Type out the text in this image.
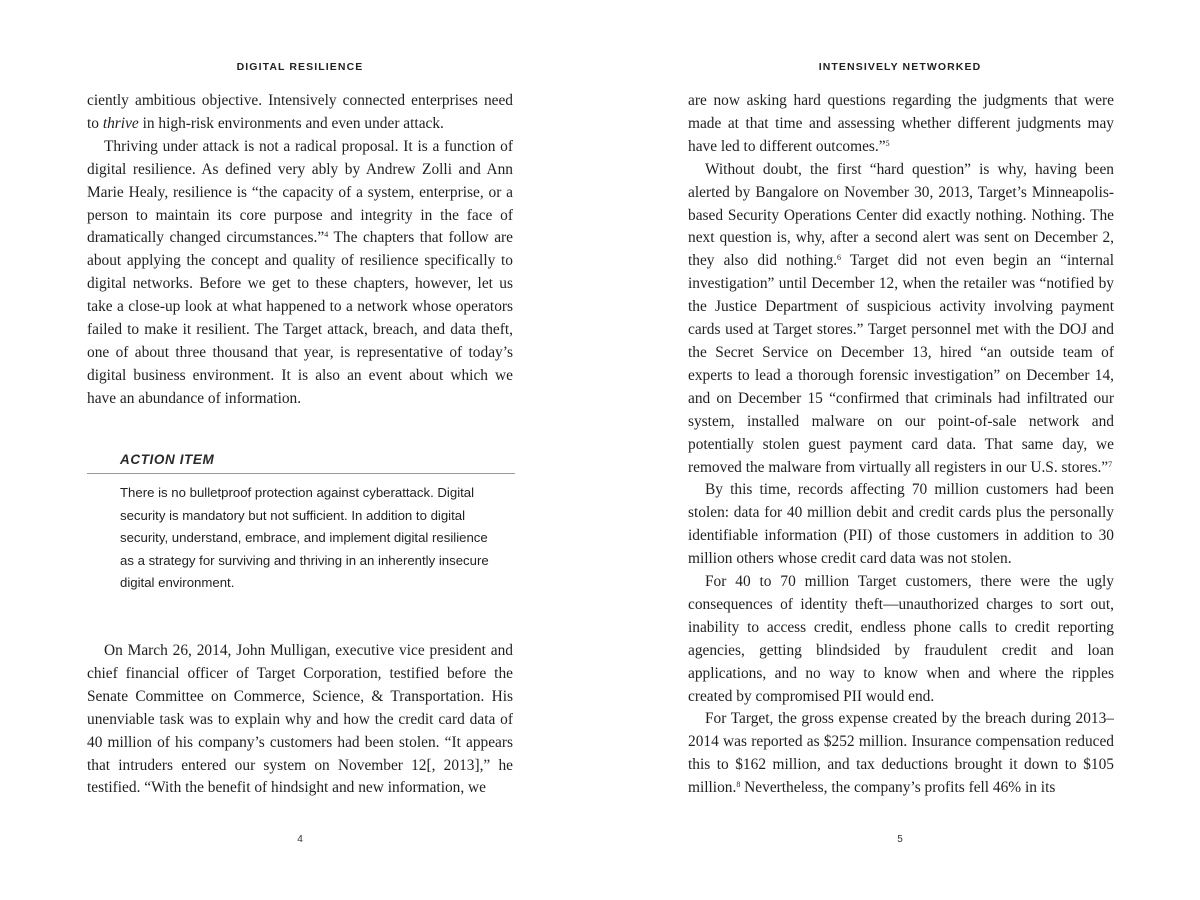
DIGITAL RESILIENCE

ciently ambitious objective. Intensively connected enterprises need to thrive in high-risk environments and even under attack.

Thriving under attack is not a radical proposal. It is a function of digital resilience. As defined very ably by Andrew Zolli and Ann Marie Healy, resilience is “the capacity of a system, enterprise, or a person to maintain its core purpose and integrity in the face of dramatically changed circumstances.”$^4$ The chapters that follow are about applying the concept and quality of resilience specifically to digital networks. Before we get to these chapters, however, let us take a close-up look at what happened to a network whose operators failed to make it resilient. The Target attack, breach, and data theft, one of about three thousand that year, is representative of today’s digital business environment. It is also an event about which we have an abundance of information.

ACTION ITEM
There is no bulletproof protection against cyberattack. Digital security is mandatory but not sufficient. In addition to digital security, understand, embrace, and implement digital resilience as a strategy for surviving and thriving in an inherently insecure digital environment.

On March 26, 2014, John Mulligan, executive vice president and chief financial officer of Target Corporation, testified before the Senate Committee on Commerce, Science, & Transportation. His unenviable task was to explain why and how the credit card data of 40 million of his company’s customers had been stolen. “It appears that intruders entered our system on November 12[, 2013],” he testified. “With the benefit of hindsight and new information, we

4
INTENSIVELY NETWORKED

are now asking hard questions regarding the judgments that were made at that time and assessing whether different judgments may have led to different outcomes.”$^5$

Without doubt, the first “hard question” is why, having been alerted by Bangalore on November 30, 2013, Target’s Minneapolis-based Security Operations Center did exactly nothing. Nothing. The next question is, why, after a second alert was sent on December 2, they also did nothing.$^6$ Target did not even begin an “internal investigation” until December 12, when the retailer was “notified by the Justice Department of suspicious activity involving payment cards used at Target stores.” Target personnel met with the DOJ and the Secret Service on December 13, hired “an outside team of experts to lead a thorough forensic investigation” on December 14, and on December 15 “confirmed that criminals had infiltrated our system, installed malware on our point-of-sale network and potentially stolen guest payment card data. That same day, we removed the malware from virtually all registers in our U.S. stores.”$^7$

By this time, records affecting 70 million customers had been stolen: data for 40 million debit and credit cards plus the personally identifiable information (PII) of those customers in addition to 30 million others whose credit card data was not stolen.

For 40 to 70 million Target customers, there were the ugly consequences of identity theft—unauthorized charges to sort out, inability to access credit, endless phone calls to credit reporting agencies, getting blindsided by fraudulent credit and loan applications, and no way to know when and where the ripples created by compromised PII would end.

For Target, the gross expense created by the breach during 2013–2014 was reported as $252 million. Insurance compensation reduced this to $162 million, and tax deductions brought it down to $105 million.$^8$ Nevertheless, the company’s profits fell 46% in its

5
